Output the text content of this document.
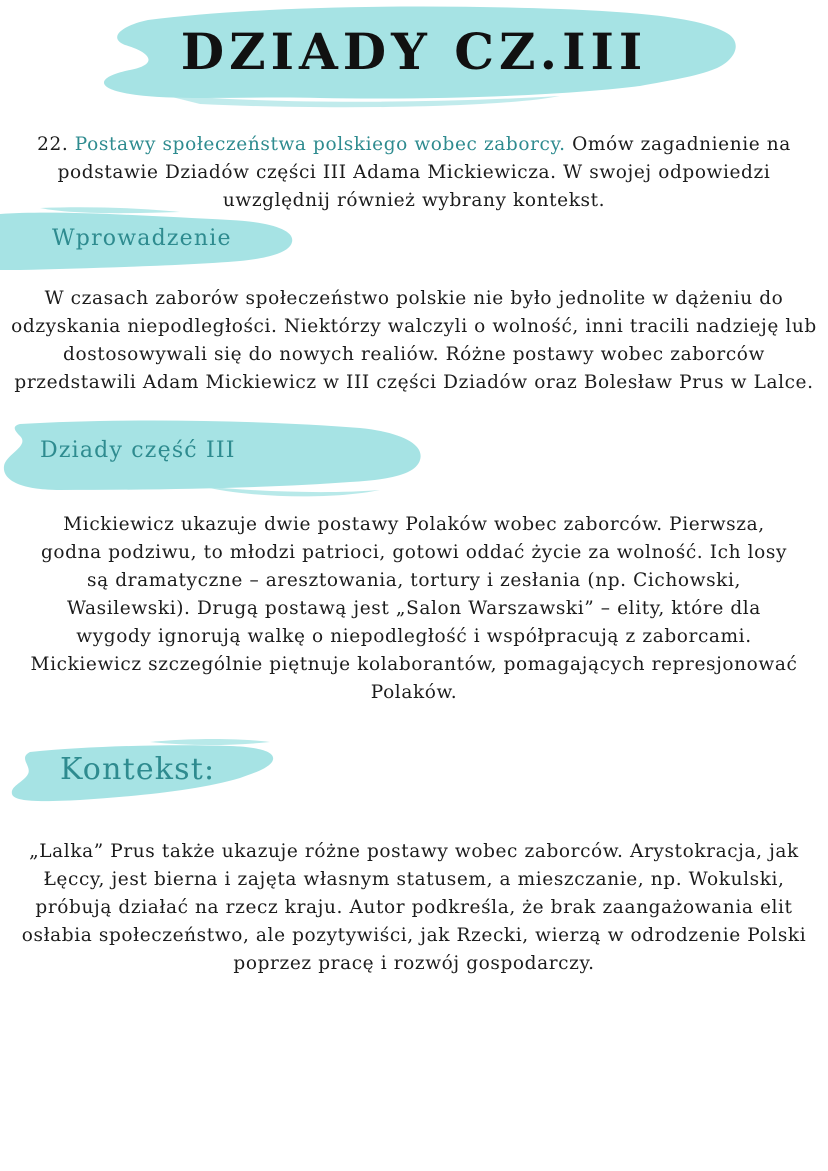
DZIADY CZ.III

22. Postawy społeczeństwa polskiego wobec zaborcy. Omów zagadnienie na podstawie Dziadów części III Adama Mickiewicza. W swojej odpowiedzi uwzględnij również wybrany kontekst.

Wprowadzenie

W czasach zaborów społeczeństwo polskie nie było jednolite w dążeniu do odzyskania niepodległości. Niektórzy walczyli o wolność, inni tracili nadzieję lub dostosowywali się do nowych realiów. Różne postawy wobec zaborców przedstawili Adam Mickiewicz w III części Dziadów oraz Bolesław Prus w Lalce.

Dziady część III

Mickiewicz ukazuje dwie postawy Polaków wobec zaborców. Pierwsza, godna podziwu, to młodzi patrioci, gotowi oddać życie za wolność. Ich losy są dramatyczne – aresztowania, tortury i zesłania (np. Cichowski, Wasilewski). Drugą postawą jest „Salon Warszawski” – elity, które dla wygody ignorują walkę o niepodległość i współpracują z zaborcami. Mickiewicz szczególnie piętnuje kolaborantów, pomagających represjonować Polaków.

Kontekst:

„Lalka” Prus także ukazuje różne postawy wobec zaborców. Arystokracja, jak Łęccy, jest bierna i zajęta własnym statusem, a mieszczanie, np. Wokulski, próbują działać na rzecz kraju. Autor podkreśla, że brak zaangażowania elit osłabia społeczeństwo, ale pozytywiści, jak Rzecki, wierzą w odrodzenie Polski poprzez pracę i rozwój gospodarczy.
